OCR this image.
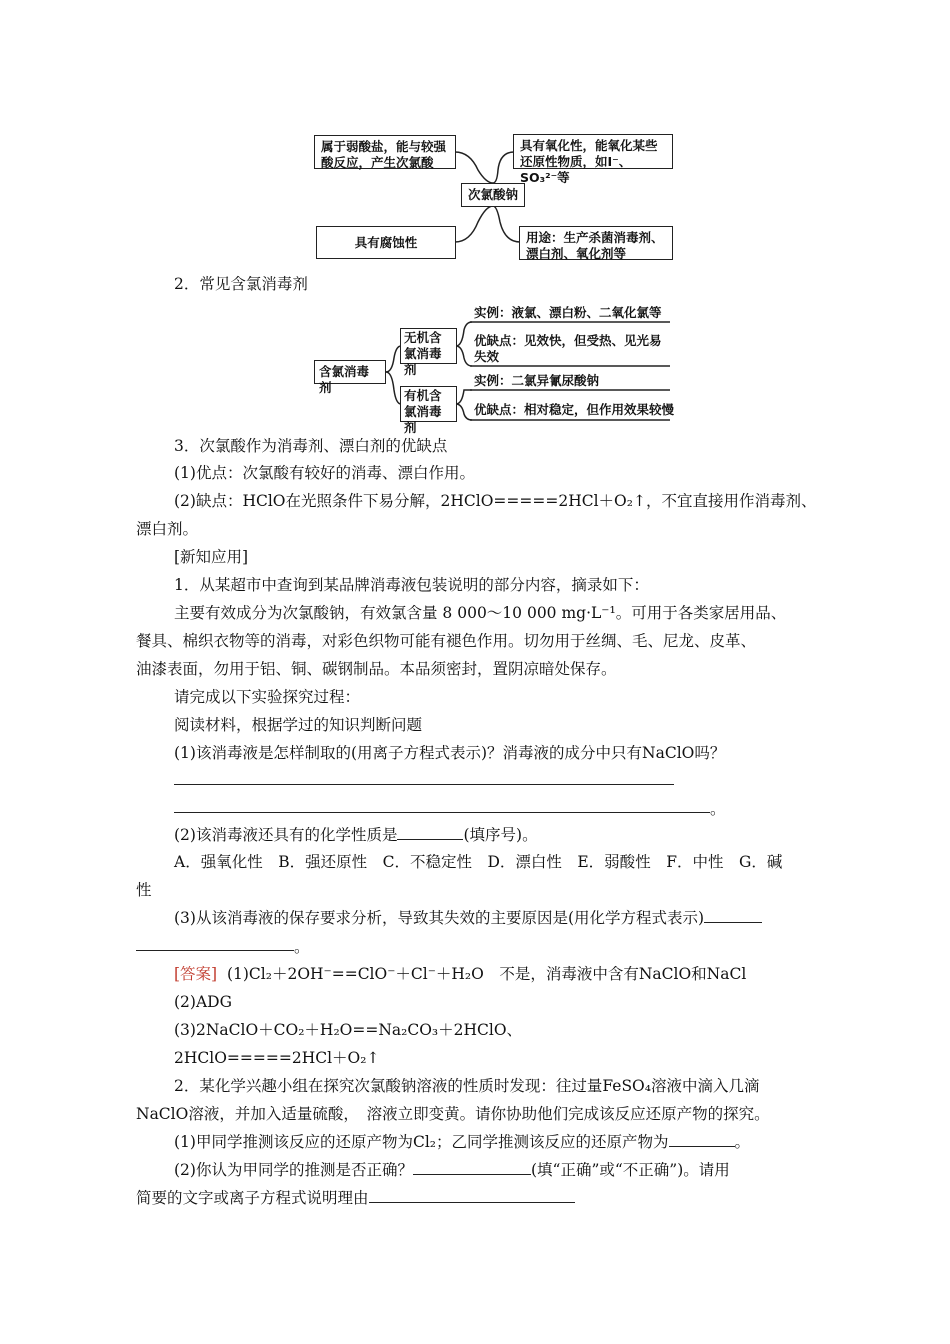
次氯酸钠
属于弱酸盐，能与较强酸反应，产生次氯酸
具有氧化性，能氧化某些
还原性物质，如I⁻、SO₃²⁻等
具有腐蚀性	用途：生产杀菌消毒剂、漂白剂、氧化剂等
2．常见含氯消毒剂
含氯消毒剂
无机含氯消毒剂
有机含氯消毒剂
实例：液氯、漂白粉、二氧化氯等
优缺点：见效快，但受热、见光易
失效
实例：二氯异氰尿酸钠
优缺点：相对稳定，但作用效果较慢
3．次氯酸作为消毒剂、漂白剂的优缺点
(1)优点：次氯酸有较好的消毒、漂白作用。
(2)缺点：HClO在光照条件下易分解，2HClO=====2HCl＋O₂↑，不宜直接用作消毒剂、
漂白剂。
[新知应用]
1．从某超市中查询到某品牌消毒液包装说明的部分内容，摘录如下：
主要有效成分为次氯酸钠，有效氯含量 8 000～10 000 mg·L⁻¹。可用于各类家居用品、
餐具、棉织衣物等的消毒，对彩色织物可能有褪色作用。切勿用于丝绸、毛、尼龙、皮革、
油漆表面，勿用于铝、铜、碳钢制品。本品须密封，置阴凉暗处保存。
请完成以下实验探究过程：
阅读材料，根据学过的知识判断问题
(1)该消毒液是怎样制取的(用离子方程式表示)？消毒液的成分中只有NaClO吗？
。
(2)该消毒液还具有的化学性质是	(填序号)。
A．强氧化性　B．强还原性　C．不稳定性　D．漂白性　E．弱酸性　F．中性　G．碱
性
(3)从该消毒液的保存要求分析，导致其失效的主要原因是(用化学方程式表示)
。
[答案] (1)Cl₂＋2OH⁻==ClO⁻＋Cl⁻＋H₂O　不是，消毒液中含有NaClO和NaCl
(2)ADG
(3)2NaClO＋CO₂＋H₂O==Na₂CO₃＋2HClO、
2HClO=====2HCl＋O₂↑
2．某化学兴趣小组在探究次氯酸钠溶液的性质时发现：往过量FeSO₄溶液中滴入几滴
NaClO溶液，并加入适量硫酸，　溶液立即变黄。请你协助他们完成该反应还原产物的探究。
(1)甲同学推测该反应的还原产物为Cl₂；乙同学推测该反应的还原产物为	。
(2)你认为甲同学的推测是否正确？	(填“正确”或“不正确”)。请用
简要的文字或离子方程式说明理由
